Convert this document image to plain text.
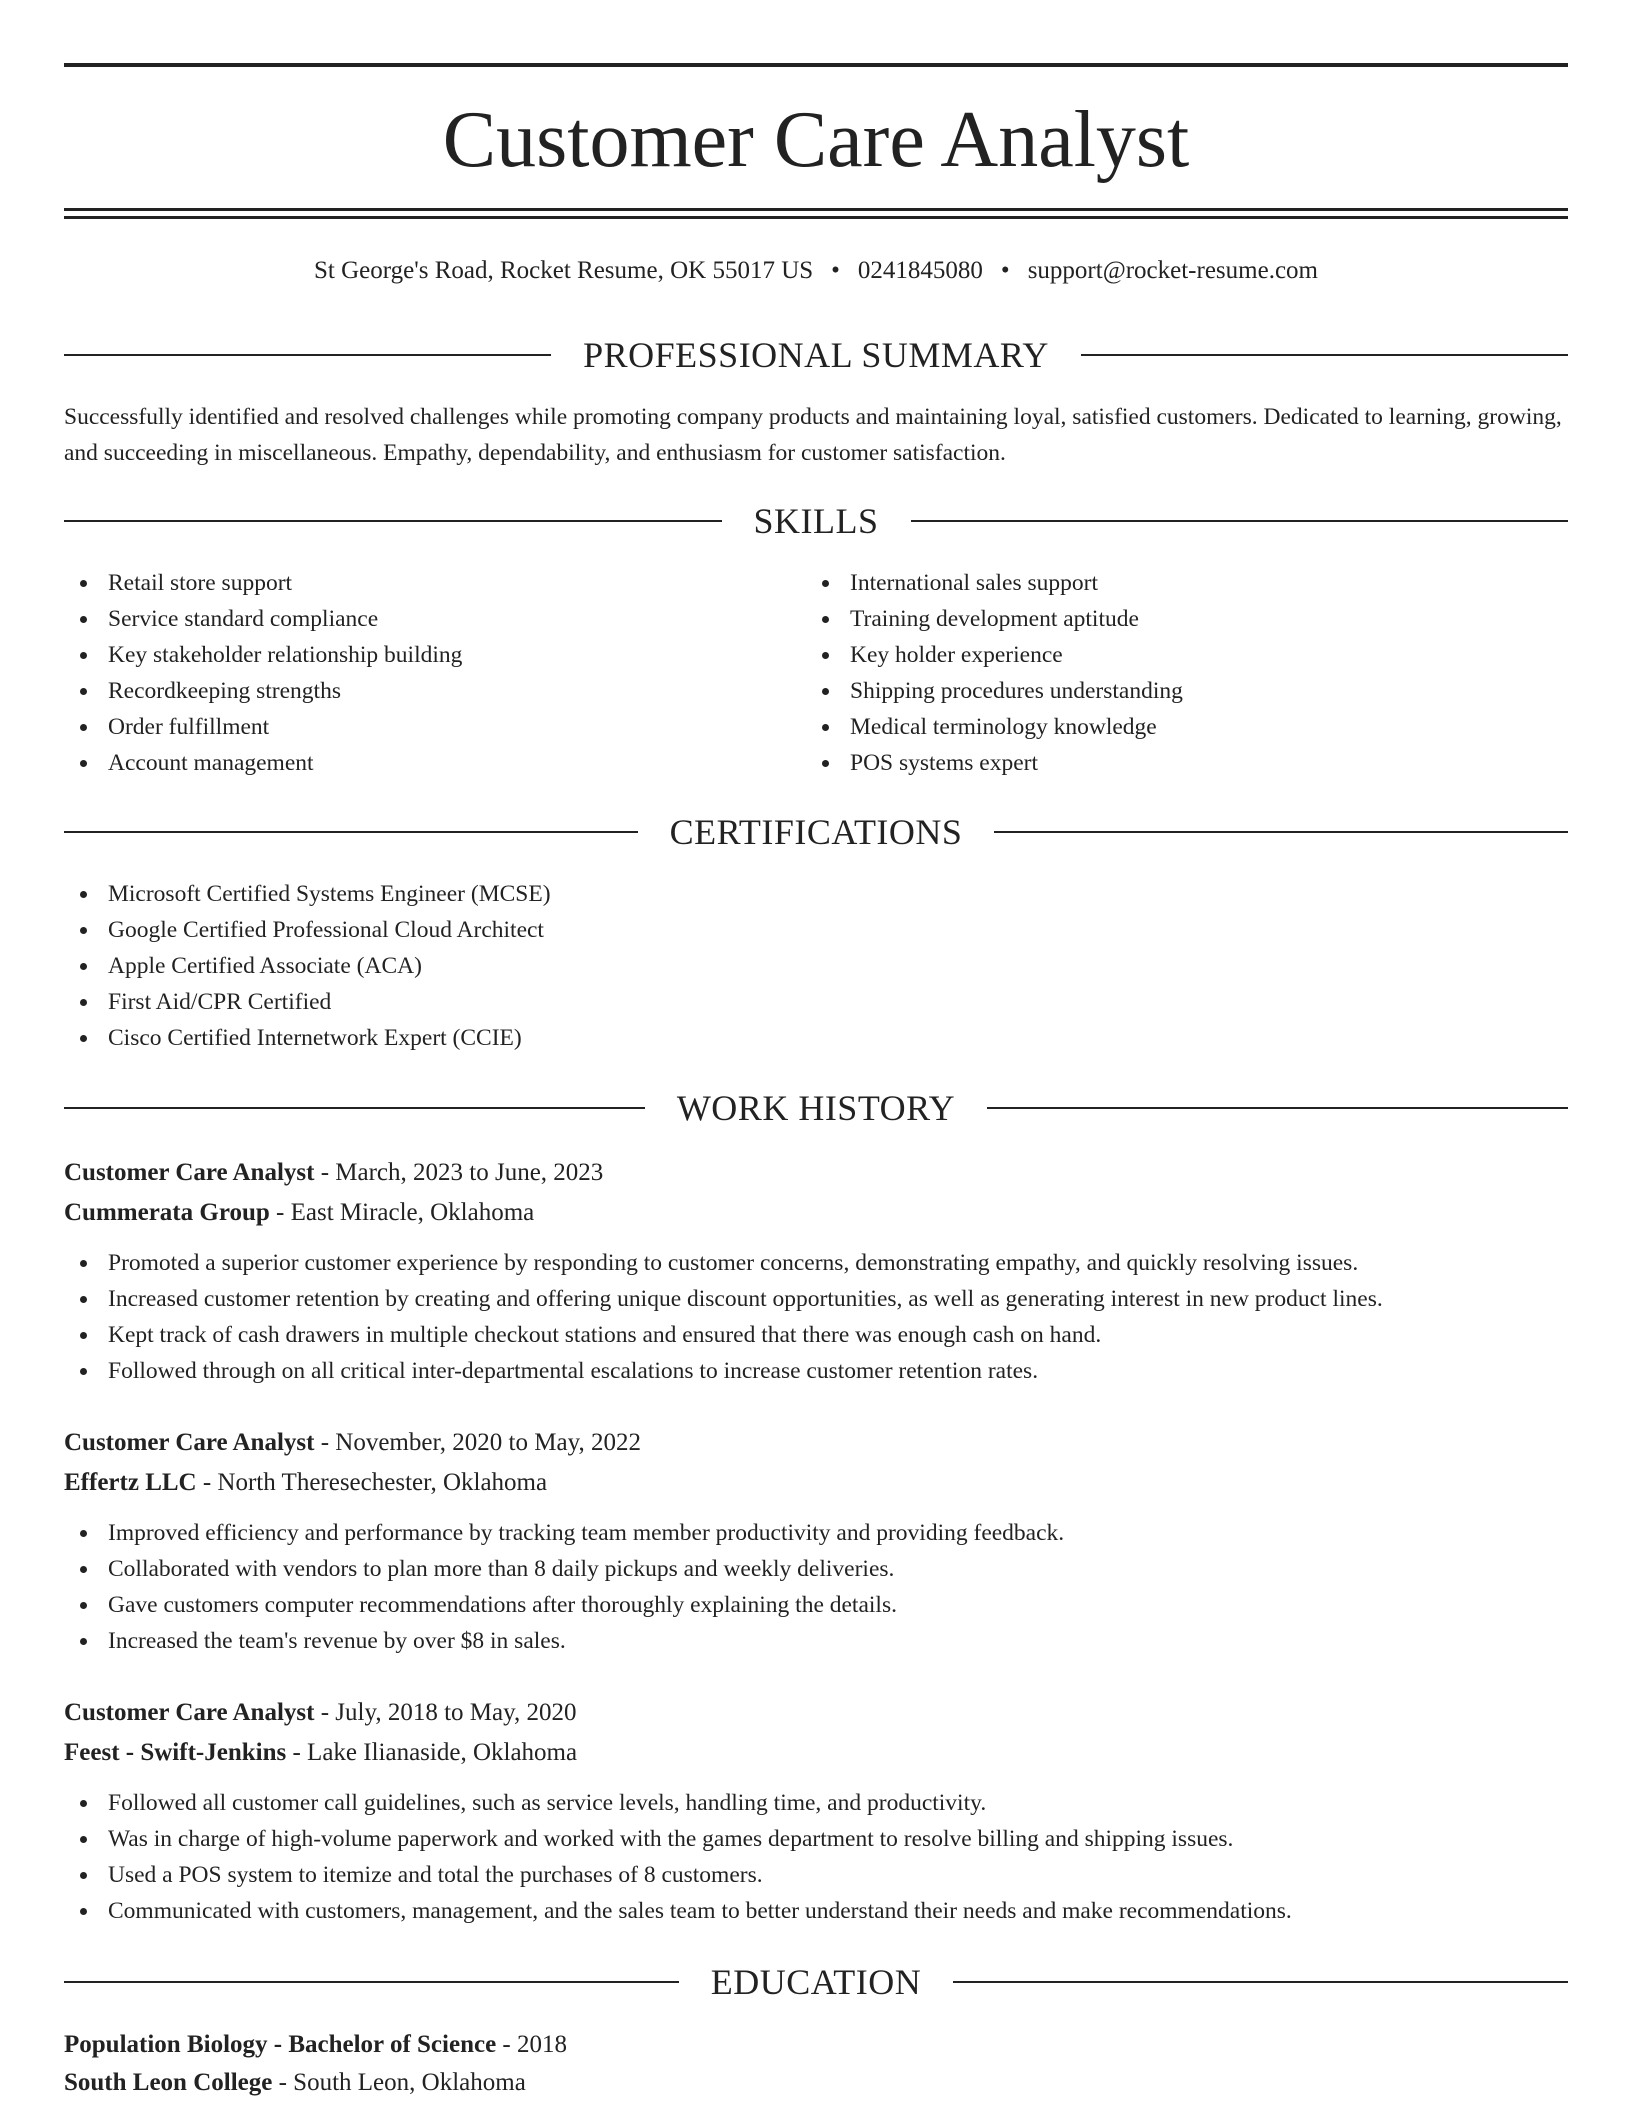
Customer Care Analyst
St George's Road, Rocket Resume, OK 55017 US • 0241845080 • support@rocket-resume.com
PROFESSIONAL SUMMARY

Successfully identified and resolved challenges while promoting company products and maintaining loyal, satisfied customers. Dedicated to learning, growing, and succeeding in miscellaneous. Empathy, dependability, and enthusiasm for customer satisfaction.

SKILLS
Retail store support
Service standard compliance
Key stakeholder relationship building
Recordkeeping strengths
Order fulfillment
Account management
International sales support
Training development aptitude
Key holder experience
Shipping procedures understanding
Medical terminology knowledge
POS systems expert
CERTIFICATIONS
Microsoft Certified Systems Engineer (MCSE)
Google Certified Professional Cloud Architect
Apple Certified Associate (ACA)
First Aid/CPR Certified
Cisco Certified Internetwork Expert (CCIE)
WORK HISTORY
Customer Care Analyst - March, 2023 to June, 2023
Cummerata Group - East Miracle, Oklahoma
Promoted a superior customer experience by responding to customer concerns, demonstrating empathy, and quickly resolving issues.
Increased customer retention by creating and offering unique discount opportunities, as well as generating interest in new product lines.
Kept track of cash drawers in multiple checkout stations and ensured that there was enough cash on hand.
Followed through on all critical inter-departmental escalations to increase customer retention rates.
Customer Care Analyst - November, 2020 to May, 2022
Effertz LLC - North Theresechester, Oklahoma
Improved efficiency and performance by tracking team member productivity and providing feedback.
Collaborated with vendors to plan more than 8 daily pickups and weekly deliveries.
Gave customers computer recommendations after thoroughly explaining the details.
Increased the team's revenue by over $8 in sales.
Customer Care Analyst - July, 2018 to May, 2020
Feest - Swift-Jenkins - Lake Ilianaside, Oklahoma
Followed all customer call guidelines, such as service levels, handling time, and productivity.
Was in charge of high-volume paperwork and worked with the games department to resolve billing and shipping issues.
Used a POS system to itemize and total the purchases of 8 customers.
Communicated with customers, management, and the sales team to better understand their needs and make recommendations.
EDUCATION
Population Biology - Bachelor of Science - 2018
South Leon College - South Leon, Oklahoma
